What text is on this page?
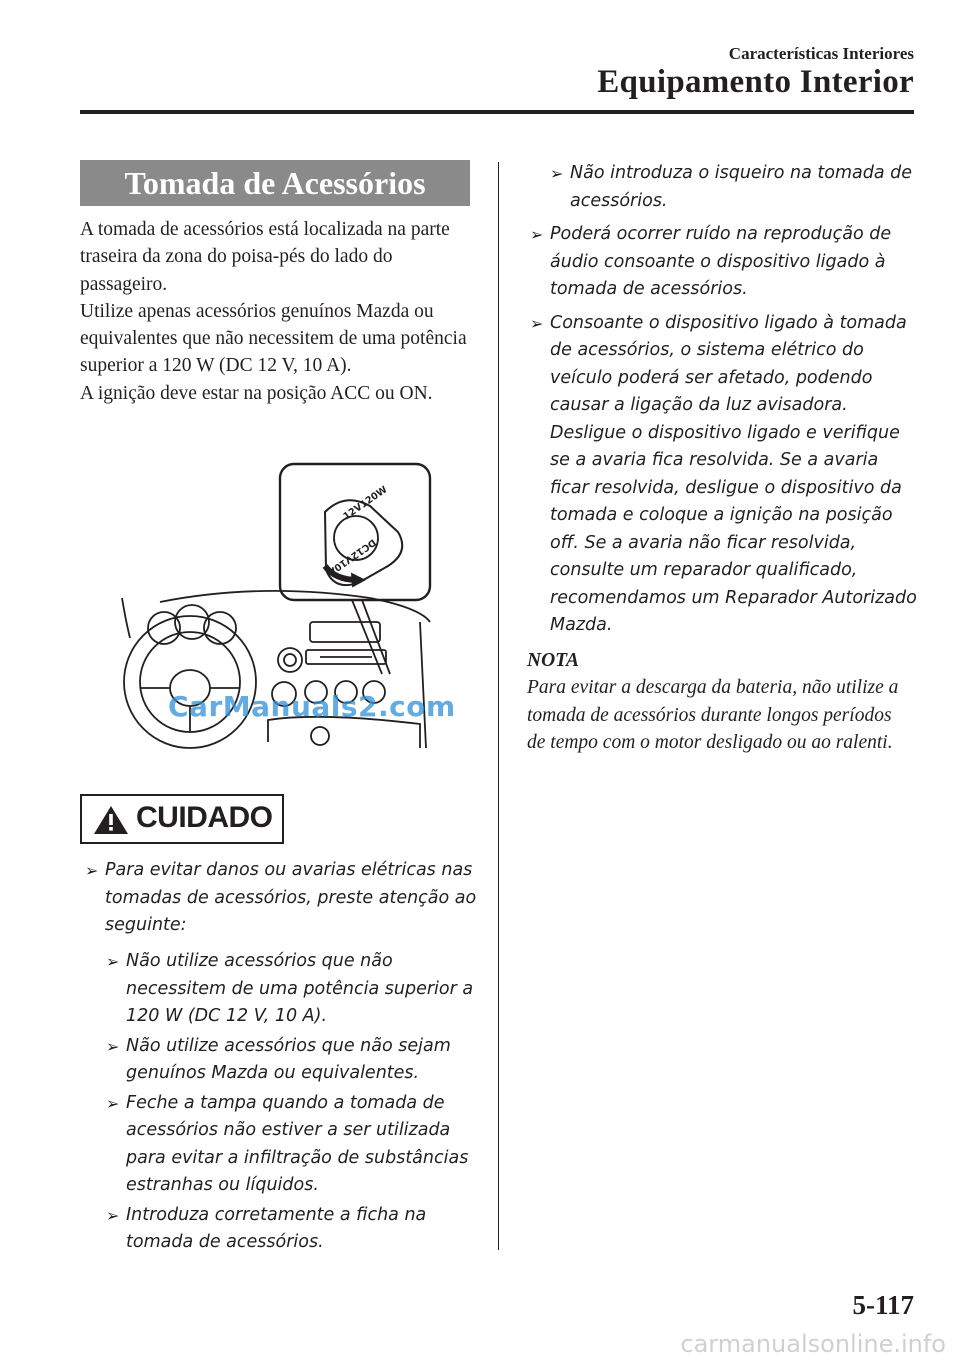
Características Interiores
Equipamento Interior
Tomada de Acessórios

A tomada de acessórios está localizada na parte traseira da zona do poisa-pés do lado do passageiro.

Utilize apenas acessórios genuínos Mazda ou equivalentes que não necessitem de uma potência superior a 120 W (DC 12 V, 10 A).

A ignição deve estar na posição ACC ou ON.

12V120W
DC12V10A
CarManuals2.com
CUIDADO
➢ Para evitar danos ou avarias elétricas nas tomadas de acessórios, preste atenção ao seguinte:
➢ Não utilize acessórios que não necessitem de uma potência superior a 120 W (DC 12 V, 10 A).
➢ Não utilize acessórios que não sejam genuínos Mazda ou equivalentes.
➢ Feche a tampa quando a tomada de acessórios não estiver a ser utilizada para evitar a infiltração de substâncias estranhas ou líquidos.
➢ Introduza corretamente a ficha na tomada de acessórios.
➢ Não introduza o isqueiro na tomada de acessórios.
➢ Poderá ocorrer ruído na reprodução de áudio consoante o dispositivo ligado à tomada de acessórios.
➢ Consoante o dispositivo ligado à tomada de acessórios, o sistema elétrico do veículo poderá ser afetado, podendo causar a ligação da luz avisadora. Desligue o dispositivo ligado e verifique se a avaria fica resolvida. Se a avaria ficar resolvida, desligue o dispositivo da tomada e coloque a ignição na posição off. Se a avaria não ficar resolvida, consulte um reparador qualificado, recomendamos um Reparador Autorizado Mazda.
NOTA
Para evitar a descarga da bateria, não utilize a tomada de acessórios durante longos períodos de tempo com o motor desligado ou ao ralenti.
5-117
carmanualsonline.info
